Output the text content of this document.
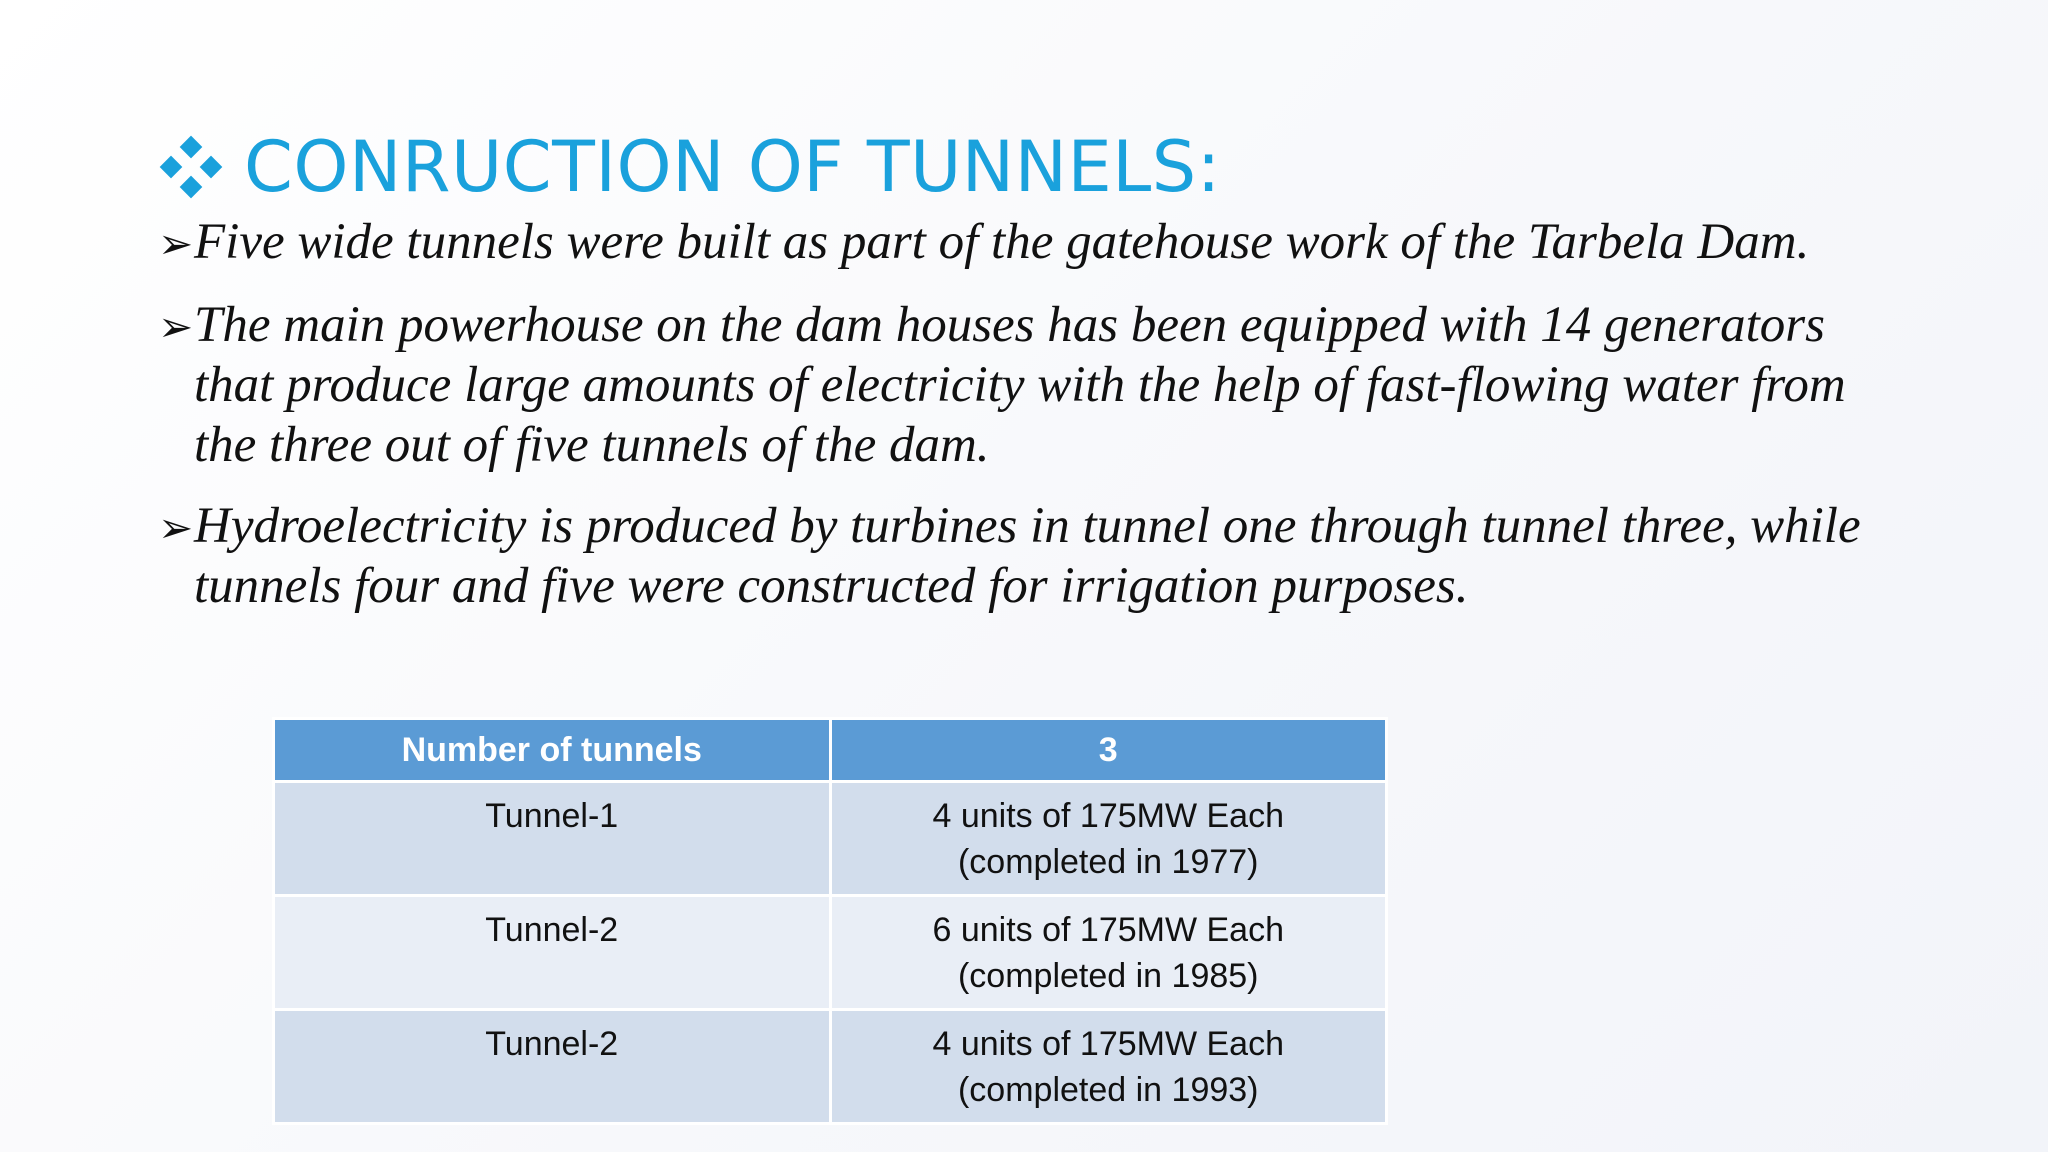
CONRUCTION OF TUNNELS:
➢ Five wide tunnels were built as part of the gatehouse work of the Tarbela Dam.
➢ The main powerhouse on the dam houses has been equipped with 14 generators that produce large amounts of electricity with the help of fast-flowing water from the three out of five tunnels of the dam.
➢ Hydroelectricity is produced by turbines in tunnel one through tunnel three, while tunnels four and five were constructed for irrigation purposes.
Number of tunnels	3
Tunnel-1	4 units of 175MW Each
(completed in 1977)

Tunnel-2	6 units of 175MW Each
(completed in 1985)

Tunnel-2	4 units of 175MW Each
(completed in 1993)
